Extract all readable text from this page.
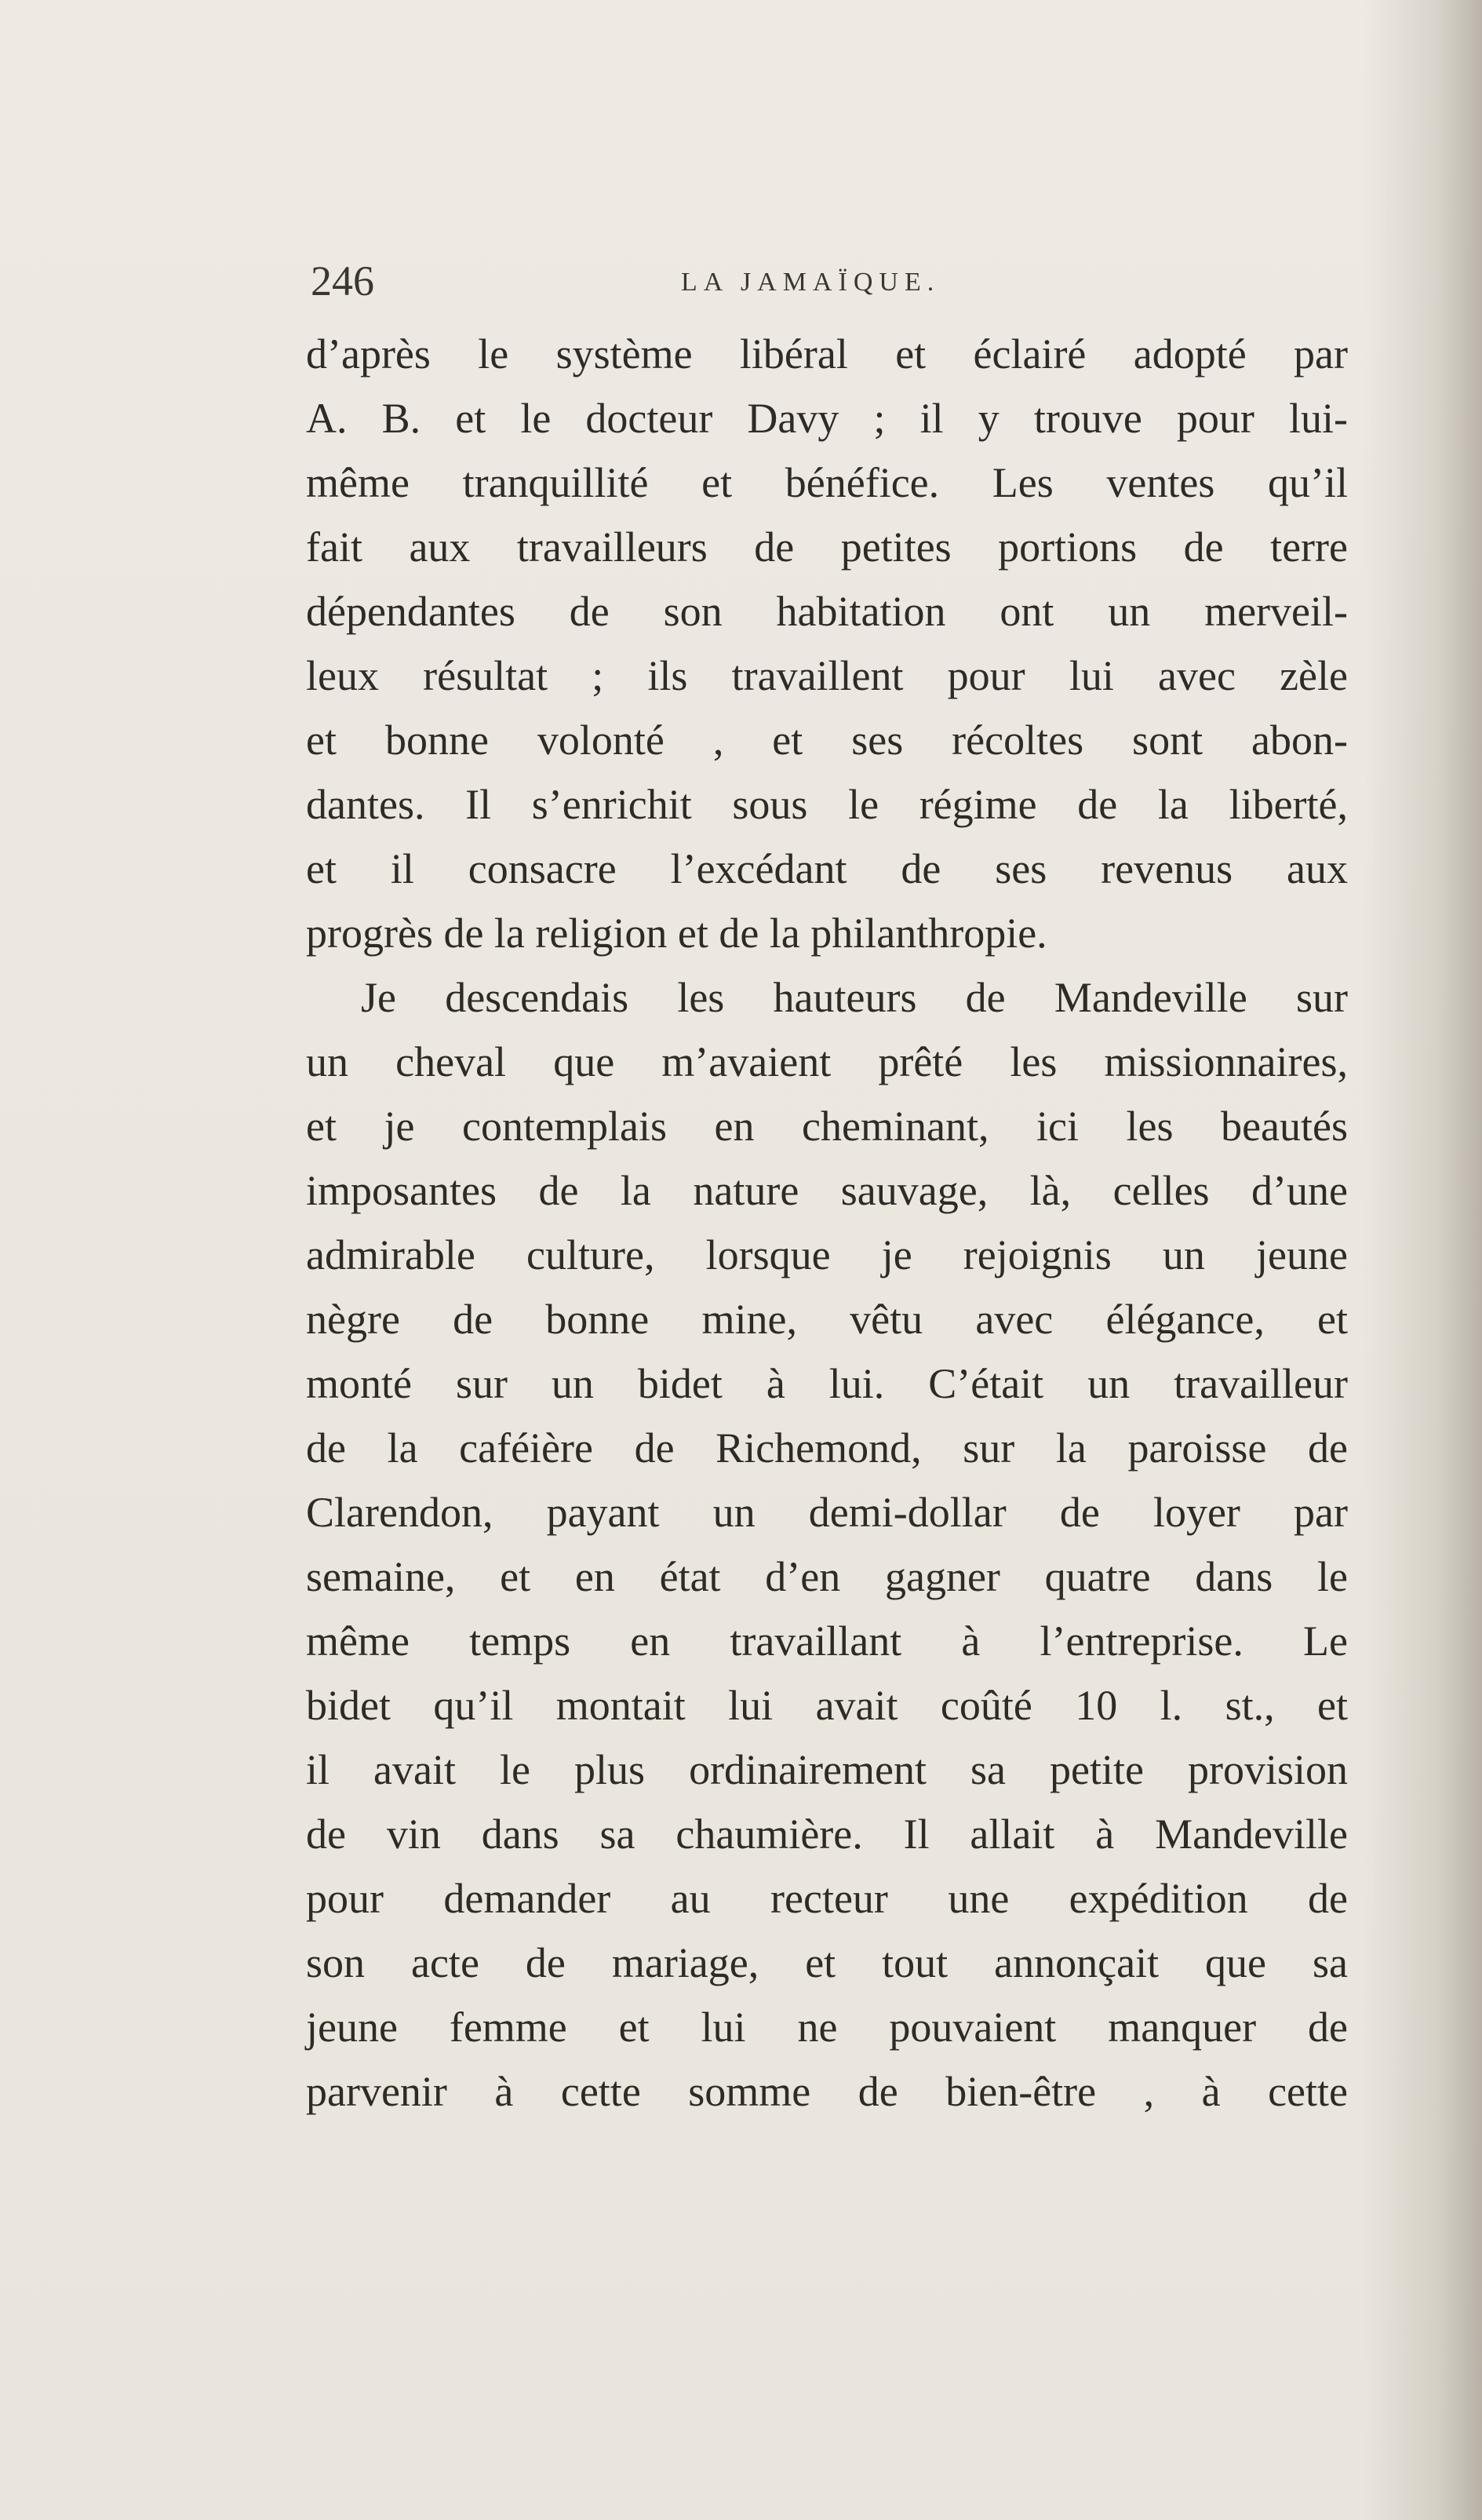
246	LA JAMAÏQUE.
d’après le système libéral et éclairé adopté par
A. B. et le docteur Davy ; il y trouve pour lui-
même tranquillité et bénéfice. Les ventes qu’il
fait aux travailleurs de petites portions de terre
dépendantes de son habitation ont un merveil-
leux résultat ; ils travaillent pour lui avec zèle
et bonne volonté , et ses récoltes sont abon-
dantes. Il s’enrichit sous le régime de la liberté,
et il consacre l’excédant de ses revenus aux
progrès de la religion et de la philanthropie.
Je descendais les hauteurs de Mandeville sur
un cheval que m’avaient prêté les missionnaires,
et je contemplais en cheminant, ici les beautés
imposantes de la nature sauvage, là, celles d’une
admirable culture, lorsque je rejoignis un jeune
nègre de bonne mine, vêtu avec élégance, et
monté sur un bidet à lui. C’était un travailleur
de la caféière de Richemond, sur la paroisse de
Clarendon, payant un demi-dollar de loyer par
semaine, et en état d’en gagner quatre dans le
même temps en travaillant à l’entreprise. Le
bidet qu’il montait lui avait coûté 10 l. st., et
il avait le plus ordinairement sa petite provision
de vin dans sa chaumière. Il allait à Mandeville
pour demander au recteur une expédition de
son acte de mariage, et tout annonçait que sa
jeune femme et lui ne pouvaient manquer de
parvenir à cette somme de bien-être , à cette
